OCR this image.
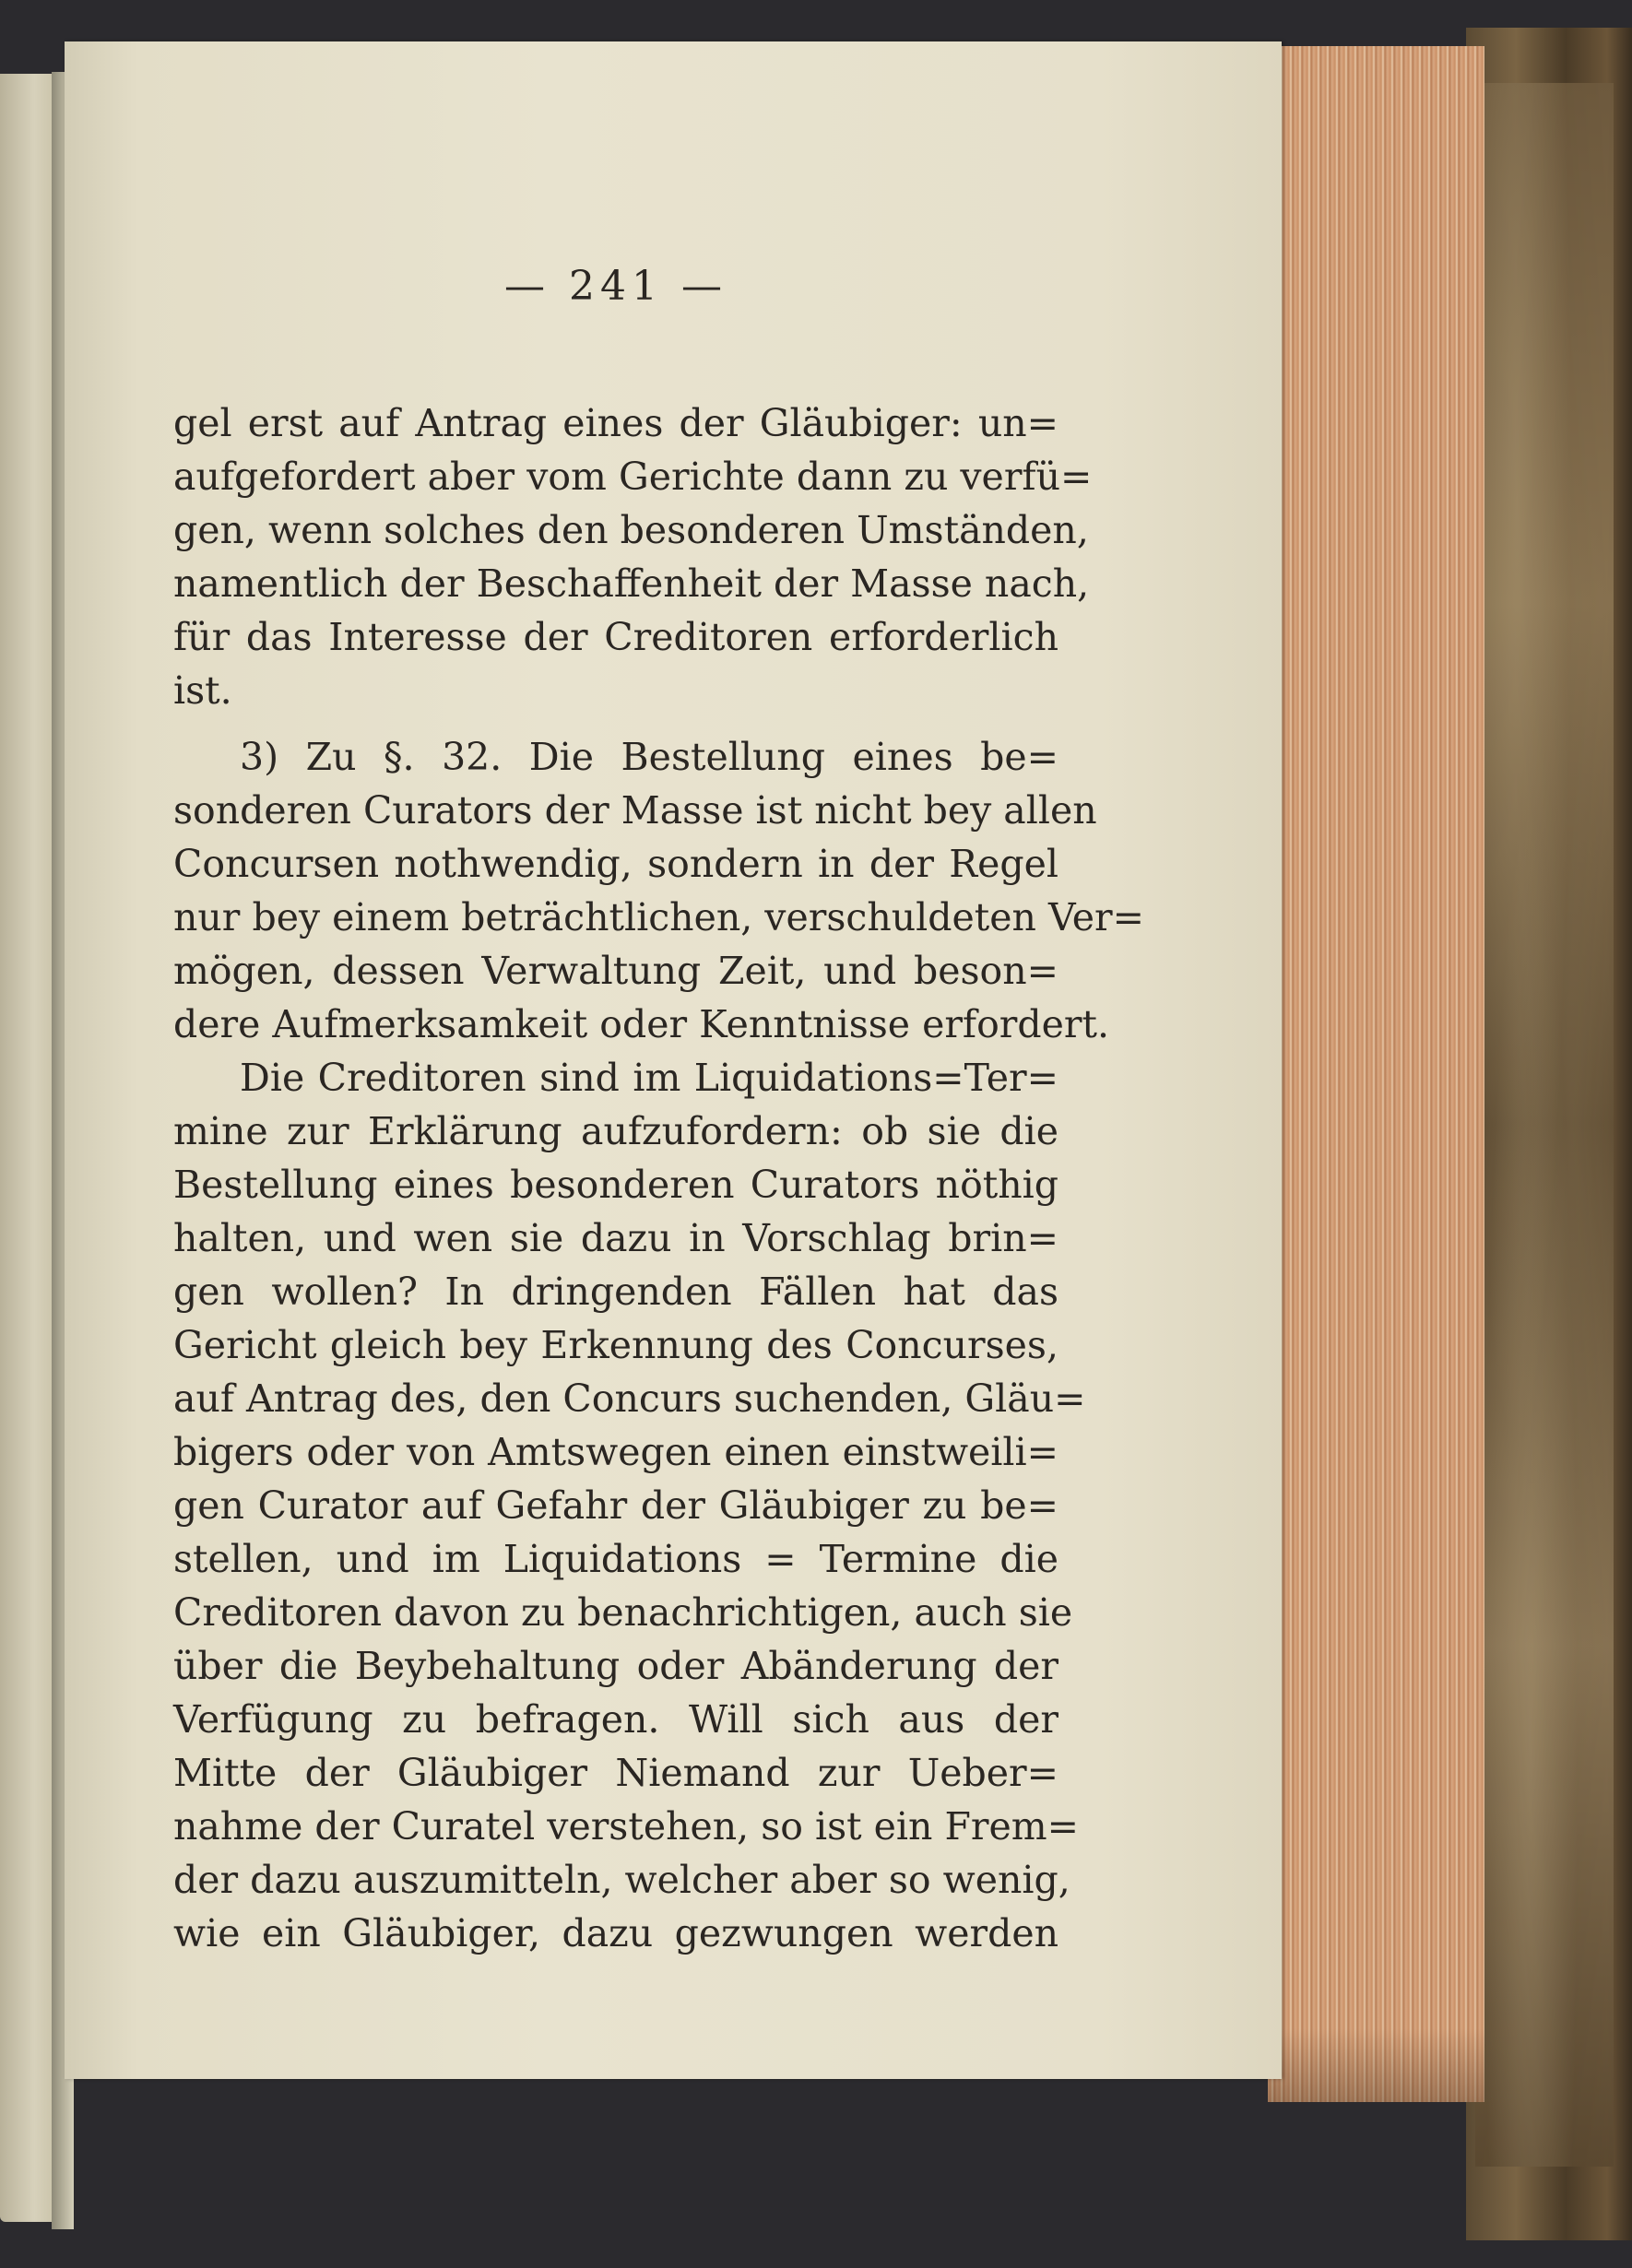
— 241 —
gel erst auf Antrag eines der Gläubiger: un=
aufgefordert aber vom Gerichte dann zu verfü=
gen, wenn solches den besonderen Umständen,
namentlich der Beschaffenheit der Masse nach,
für das Interesse der Creditoren erforderlich
ist.
3) Zu §. 32. Die Bestellung eines be=
sonderen Curators der Masse ist nicht bey allen
Concursen nothwendig, sondern in der Regel
nur bey einem beträchtlichen, verschuldeten Ver=
mögen, dessen Verwaltung Zeit, und beson=
dere Aufmerksamkeit oder Kenntnisse erfordert.
Die Creditoren sind im Liquidations=Ter=
mine zur Erklärung aufzufordern: ob sie die
Bestellung eines besonderen Curators nöthig
halten, und wen sie dazu in Vorschlag brin=
gen wollen? In dringenden Fällen hat das
Gericht gleich bey Erkennung des Concurses,
auf Antrag des, den Concurs suchenden, Gläu=
bigers oder von Amtswegen einen einstweili=
gen Curator auf Gefahr der Gläubiger zu be=
stellen, und im Liquidations = Termine die
Creditoren davon zu benachrichtigen, auch sie
über die Beybehaltung oder Abänderung der
Verfügung zu befragen. Will sich aus der
Mitte der Gläubiger Niemand zur Ueber=
nahme der Curatel verstehen, so ist ein Frem=
der dazu auszumitteln, welcher aber so wenig,
wie ein Gläubiger, dazu gezwungen werden
